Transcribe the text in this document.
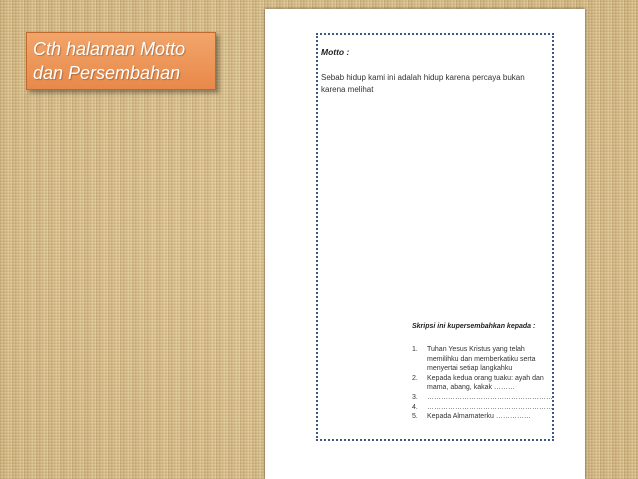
Cth halaman Motto
dan Persembahan
Motto :
Sebab hidup kami ini adalah hidup karena percaya bukan karena melihat
Skripsi ini kupersembahkan kepada :
1.	Tuhan Yesus Kristus yang telah memilihku dan memberkatiku serta menyertai setiap langkahku
2.	Kepada kedua orang tuaku: ayah dan mama, abang, kakak ………
3.	………………………………………………
4.	………………………………………………
5.	Kepada Almamaterku ……………
